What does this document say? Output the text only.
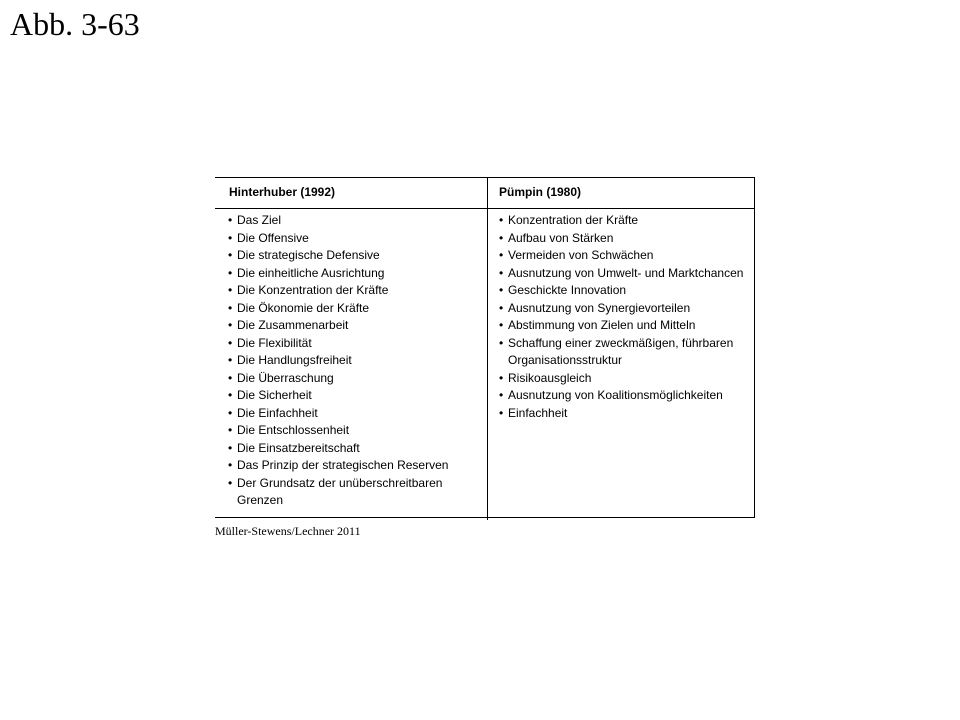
Abb. 3-63
Hinterhuber (1992)	Pümpin (1980)
• Das Ziel
• Die Offensive
• Die strategische Defensive
• Die einheitliche Ausrichtung
• Die Konzentration der Kräfte
• Die Ökonomie der Kräfte
• Die Zusammenarbeit
• Die Flexibilität
• Die Handlungsfreiheit
• Die Überraschung
• Die Sicherheit
• Die Einfachheit
• Die Entschlossenheit
• Die Einsatzbereitschaft
• Das Prinzip der strategischen Reserven
• Der Grundsatz der unüberschreitbaren Grenzen
• Konzentration der Kräfte
• Aufbau von Stärken
• Vermeiden von Schwächen
• Ausnutzung von Umwelt- und Marktchancen
• Geschickte Innovation
• Ausnutzung von Synergievorteilen
• Abstimmung von Zielen und Mitteln
• Schaffung einer zweckmäßigen, führbaren Organisationsstruktur
• Risikoausgleich
• Ausnutzung von Koalitionsmöglichkeiten
• Einfachheit
Müller-Stewens/Lechner 2011
